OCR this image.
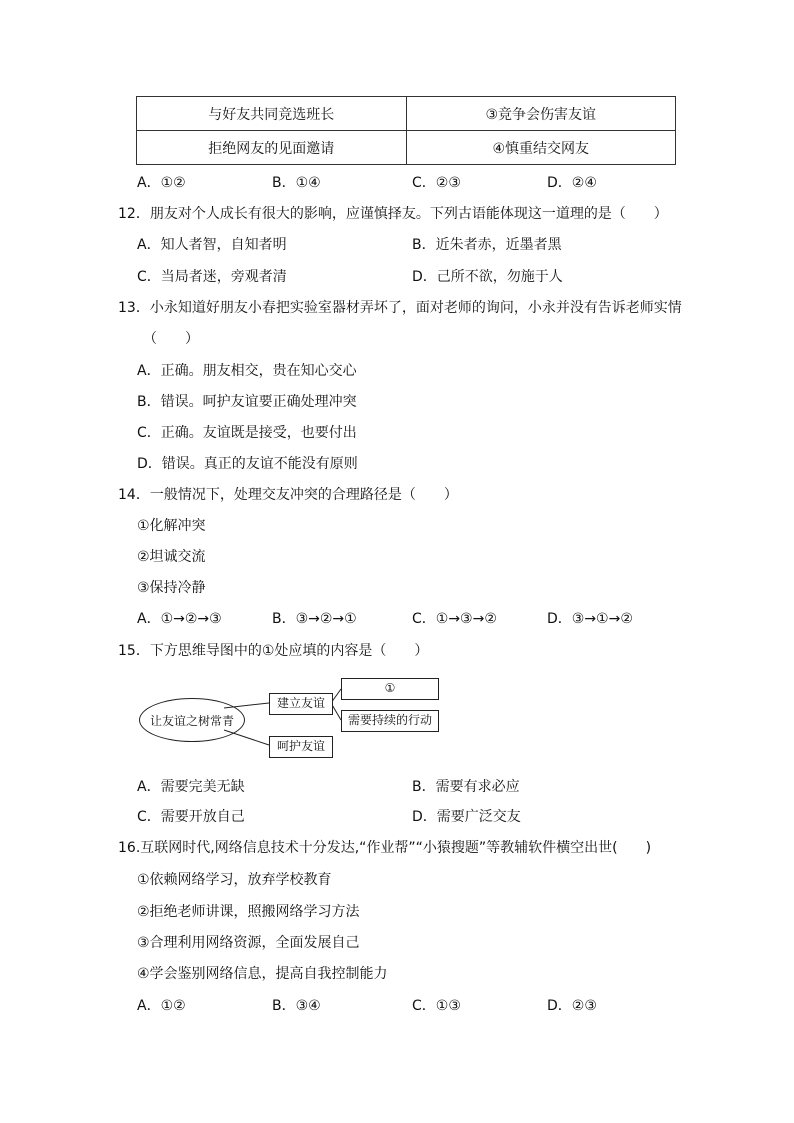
与好友共同竞选班长	③竞争会伤害友谊
拒绝网友的见面邀请	④慎重结交网友
A．①②	B．①④	C．②③	D．②④
12．朋友对个人成长有很大的影响，应谨慎择友。下列古语能体现这一道理的是（　　）
A．知人者智，自知者明	B．近朱者赤，近墨者黑
C．当局者迷，旁观者清	D．己所不欲，勿施于人
13．小永知道好朋友小春把实验室器材弄坏了，面对老师的询问，小永并没有告诉老师实情
（　　）
A．正确。朋友相交，贵在知心交心
B．错误。呵护友谊要正确处理冲突
C．正确。友谊既是接受，也要付出
D．错误。真正的友谊不能没有原则
14．一般情况下，处理交友冲突的合理路径是（　　）
①化解冲突
②坦诚交流
③保持冷静
A．①→②→③	B．③→②→①	C．①→③→②	D．③→①→②
15．下方思维导图中的①处应填的内容是（　　）
让友谊之树常青
建立友谊
①
需要持续的行动
呵护友谊
A．需要完美无缺	B．需要有求必应
C．需要开放自己	D．需要广泛交友
16.互联网时代,网络信息技术十分发达,“作业帮”“小猿搜题”等教辅软件横空出世(　　)
①依赖网络学习，放弃学校教育
②拒绝老师讲课，照搬网络学习方法
③合理利用网络资源，全面发展自己
④学会鉴别网络信息，提高自我控制能力
A．①②	B．③④	C．①③	D．②③
